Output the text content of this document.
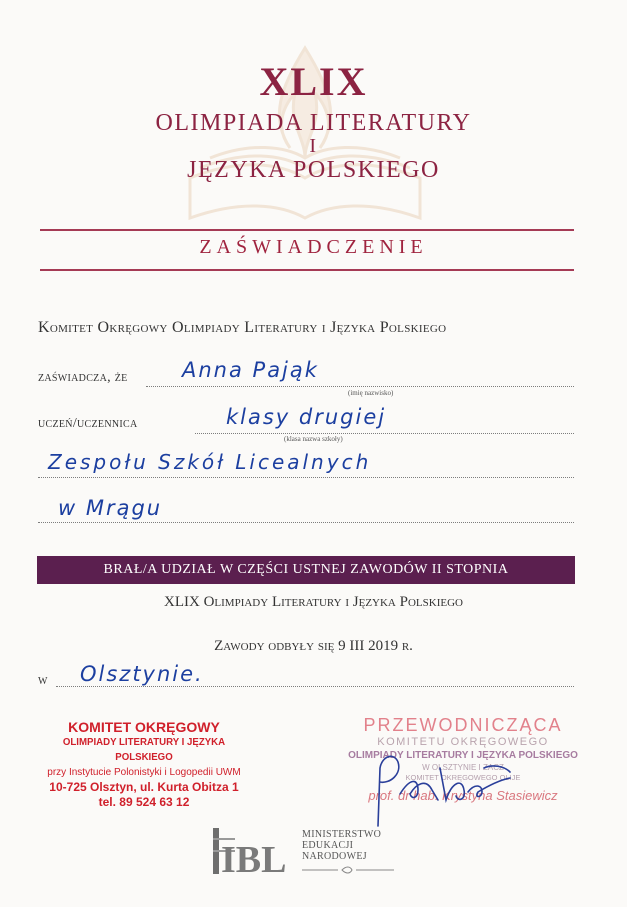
XLIX
OLIMPIADA LITERATURY
I
JĘZYKA POLSKIEGO
ZAŚWIADCZENIE
Komitet Okręgowy Olimpiady Literatury i Języka Polskiego
zaświadcza, że	Anna Pająk
(imię nazwisko)
uczeń/uczennica	klasy drugiej
(klasa nazwa szkoły)
Zespołu Szkół Licealnych
w Mrągu
BRAŁ/A UDZIAŁ W CZĘŚCI USTNEJ ZAWODÓW II STOPNIA
XLIX Olimpiady Literatury i Języka Polskiego
Zawody odbyły się 9 III 2019 r.
w Olsztynie.
KOMITET OKRĘGOWY
OLIMPIADY LITERATURY I JĘZYKA POLSKIEGO
przy Instytucie Polonistyki i Logopedii UWM
10-725 Olsztyn, ul. Kurta Obitza 1
tel. 89 524 63 12
PRZEWODNICZĄCA
KOMITETU OKRĘGOWEGO
OLIMPIADY LITERATURY I JĘZYKA POLSKIEGO
W OLSZTYNIE I ZACZ
KOMITET OKRĘGOWEGO OLIJE
prof. dr hab. Krystyna Stasiewicz
IBL
MINISTERSTWO
EDUKACJI
NARODOWEJ
